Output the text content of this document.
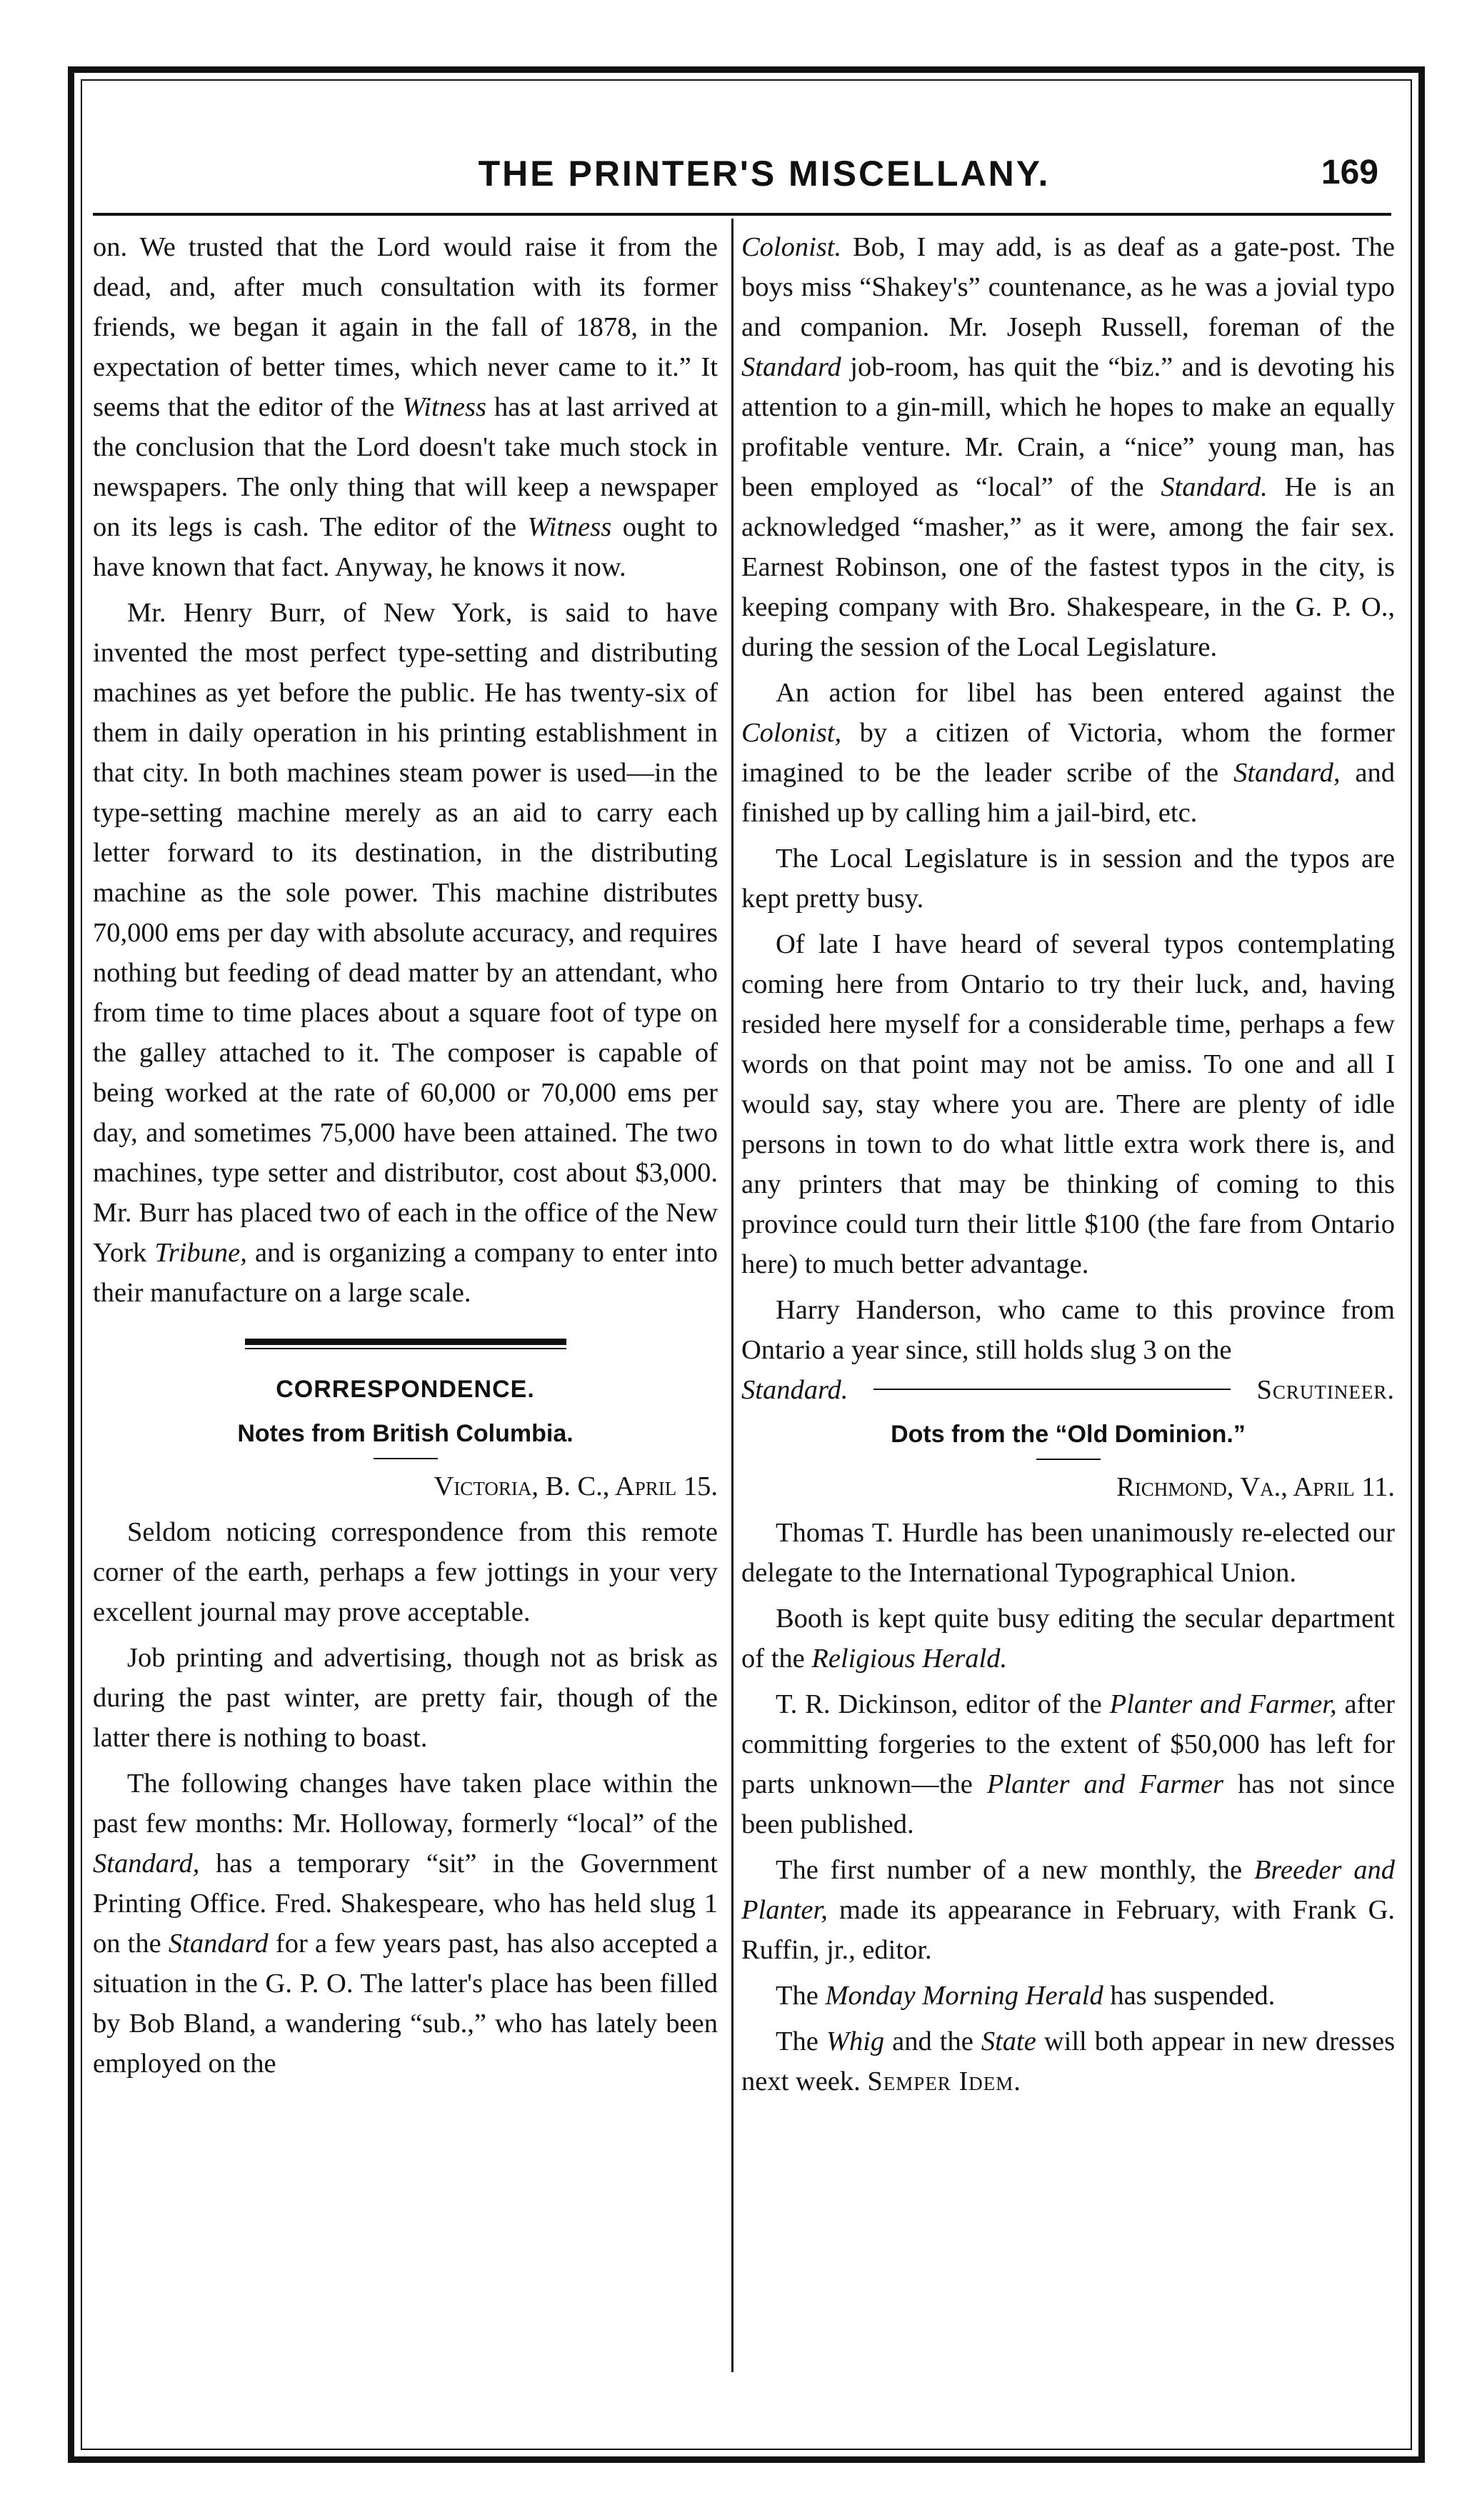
THE PRINTER'S MISCELLANY.	169

on. We trusted that the Lord would raise it from the dead, and, after much consultation with its former friends, we began it again in the fall of 1878, in the expectation of better times, which never came to it.” It seems that the editor of the Witness has at last arrived at the conclusion that the Lord doesn't take much stock in newspapers. The only thing that will keep a newspaper on its legs is cash. The editor of the Witness ought to have known that fact. Anyway, he knows it now.

Mr. Henry Burr, of New York, is said to have invented the most perfect type-setting and distributing machines as yet before the public. He has twenty-six of them in daily operation in his printing establishment in that city. In both machines steam power is used—in the type-setting machine merely as an aid to carry each letter forward to its destination, in the distributing machine as the sole power. This machine distributes 70,000 ems per day with absolute accuracy, and requires nothing but feeding of dead matter by an attendant, who from time to time places about a square foot of type on the galley attached to it. The composer is capable of being worked at the rate of 60,000 or 70,000 ems per day, and sometimes 75,000 have been attained. The two machines, type setter and distributor, cost about $3,000. Mr. Burr has placed two of each in the office of the New York Tribune, and is organizing a company to enter into their manufacture on a large scale.

CORRESPONDENCE.
Notes from British Columbia.

Victoria, B. C., April 15.

Seldom noticing correspondence from this remote corner of the earth, perhaps a few jottings in your very excellent journal may prove acceptable.

Job printing and advertising, though not as brisk as during the past winter, are pretty fair, though of the latter there is nothing to boast.

The following changes have taken place within the past few months: Mr. Holloway, formerly “local” of the Standard, has a temporary “sit” in the Government Printing Office. Fred. Shakespeare, who has held slug 1 on the Standard for a few years past, has also accepted a situation in the G. P. O. The latter's place has been filled by Bob Bland, a wandering “sub.,” who has lately been employed on the

Colonist. Bob, I may add, is as deaf as a gate-post. The boys miss “Shakey's” countenance, as he was a jovial typo and companion. Mr. Joseph Russell, foreman of the Standard job-room, has quit the “biz.” and is devoting his attention to a gin-mill, which he hopes to make an equally profitable venture. Mr. Crain, a “nice” young man, has been employed as “local” of the Standard. He is an acknowledged “masher,” as it were, among the fair sex. Earnest Robinson, one of the fastest typos in the city, is keeping company with Bro. Shakespeare, in the G. P. O., during the session of the Local Legislature.

An action for libel has been entered against the Colonist, by a citizen of Victoria, whom the former imagined to be the leader scribe of the Standard, and finished up by calling him a jail-bird, etc.

The Local Legislature is in session and the typos are kept pretty busy.

Of late I have heard of several typos contemplating coming here from Ontario to try their luck, and, having resided here myself for a considerable time, perhaps a few words on that point may not be amiss. To one and all I would say, stay where you are. There are plenty of idle persons in town to do what little extra work there is, and any printers that may be thinking of coming to this province could turn their little $100 (the fare from Ontario here) to much better advantage.

Harry Handerson, who came to this province from Ontario a year since, still holds slug 3 on the

Standard.	Scrutineer.
Dots from the “Old Dominion.”

Richmond, Va., April 11.

Thomas T. Hurdle has been unanimously re-elected our delegate to the International Typographical Union.

Booth is kept quite busy editing the secular department of the Religious Herald.

T. R. Dickinson, editor of the Planter and Farmer, after committing forgeries to the extent of $50,000 has left for parts unknown—the Planter and Farmer has not since been published.

The first number of a new monthly, the Breeder and Planter, made its appearance in February, with Frank G. Ruffin, jr., editor.

The Monday Morning Herald has suspended.

The Whig and the State will both appear in new dresses next week. Semper Idem.
